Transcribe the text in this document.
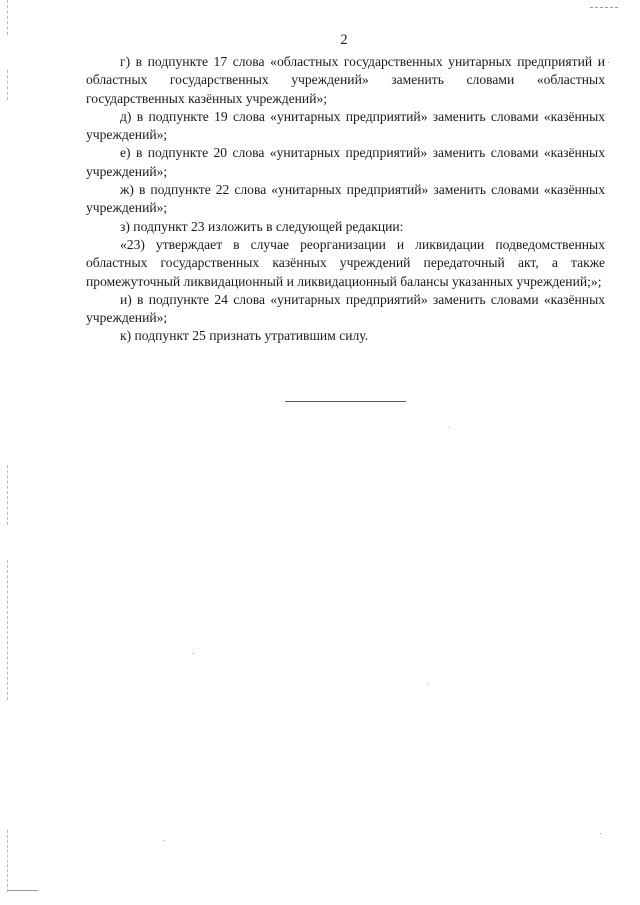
2

г) в подпункте 17 слова «областных государственных унитарных предприятий и областных государственных учреждений» заменить словами «областных государственных казённых учреждений»;

д) в подпункте 19 слова «унитарных предприятий» заменить словами «казённых учреждений»;

е) в подпункте 20 слова «унитарных предприятий» заменить словами «казённых учреждений»;

ж) в подпункте 22 слова «унитарных предприятий» заменить словами «казённых учреждений»;

з) подпункт 23 изложить в следующей редакции:

«23) утверждает в случае реорганизации и ликвидации подведомственных областных государственных казённых учреждений передаточный акт, а также промежуточный ликвидационный и ликвидационный балансы указанных учреждений;»;

и) в подпункте 24 слова «унитарных предприятий» заменить словами «казённых учреждений»;

к) подпункт 25 признать утратившим силу.
